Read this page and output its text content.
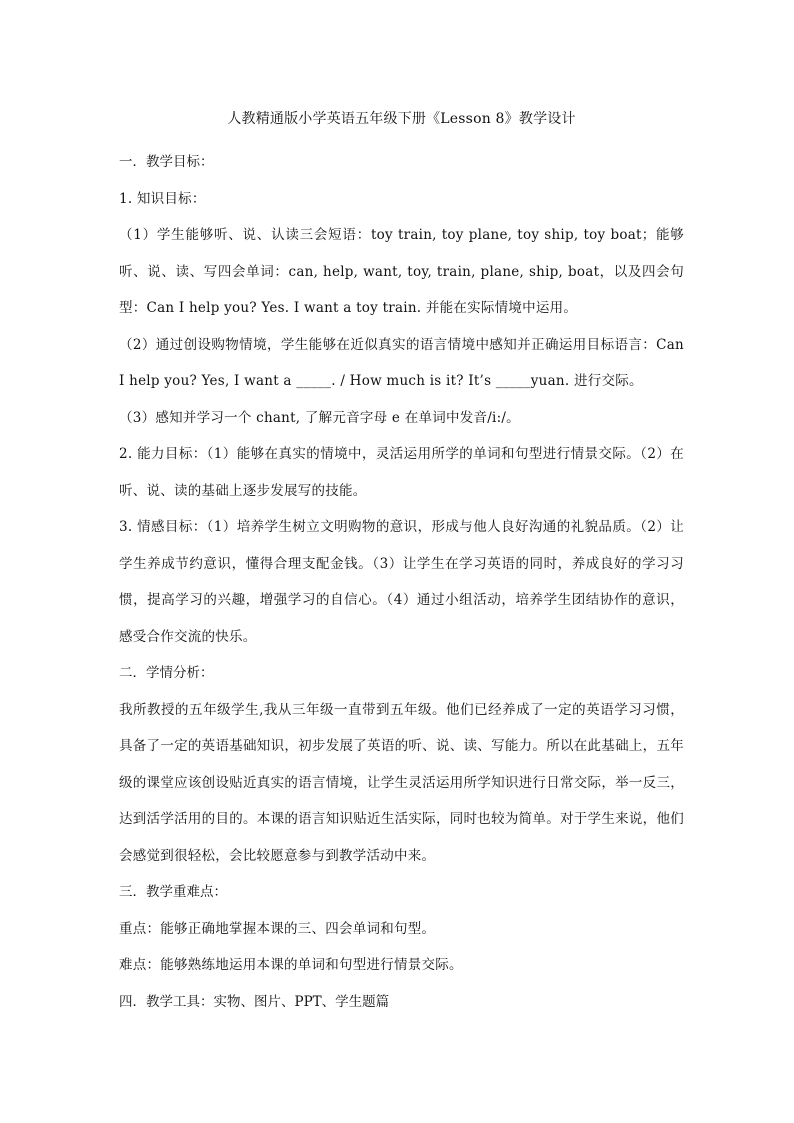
人教精通版小学英语五年级下册《Lesson 8》教学设计

一．教学目标：

1. 知识目标：

（1）学生能够听、说、认读三会短语：toy train, toy plane, toy ship, toy boat；能够听、说、读、写四会单词：can, help, want, toy, train, plane, ship, boat，以及四会句型：Can I help you? Yes. I want a toy train. 并能在实际情境中运用。

（2）通过创设购物情境，学生能够在近似真实的语言情境中感知并正确运用目标语言：Can I help you? Yes, I want a _____. / How much is it? It’s _____yuan. 进行交际。

（3）感知并学习一个 chant, 了解元音字母 e 在单词中发音/i:/。

2. 能力目标：（1）能够在真实的情境中，灵活运用所学的单词和句型进行情景交际。（2）在听、说、读的基础上逐步发展写的技能。

3. 情感目标：（1）培养学生树立文明购物的意识，形成与他人良好沟通的礼貌品质。（2）让学生养成节约意识，懂得合理支配金钱。（3）让学生在学习英语的同时，养成良好的学习习惯，提高学习的兴趣，增强学习的自信心。（4）通过小组活动，培养学生团结协作的意识，感受合作交流的快乐。

二．学情分析：

我所教授的五年级学生,我从三年级一直带到五年级。他们已经养成了一定的英语学习习惯，具备了一定的英语基础知识，初步发展了英语的听、说、读、写能力。所以在此基础上，五年级的课堂应该创设贴近真实的语言情境，让学生灵活运用所学知识进行日常交际，举一反三，达到活学活用的目的。本课的语言知识贴近生活实际，同时也较为简单。对于学生来说，他们会感觉到很轻松，会比较愿意参与到教学活动中来。

三．教学重难点：

重点：能够正确地掌握本课的三、四会单词和句型。

难点：能够熟练地运用本课的单词和句型进行情景交际。

四．教学工具：实物、图片、PPT、学生题篇
